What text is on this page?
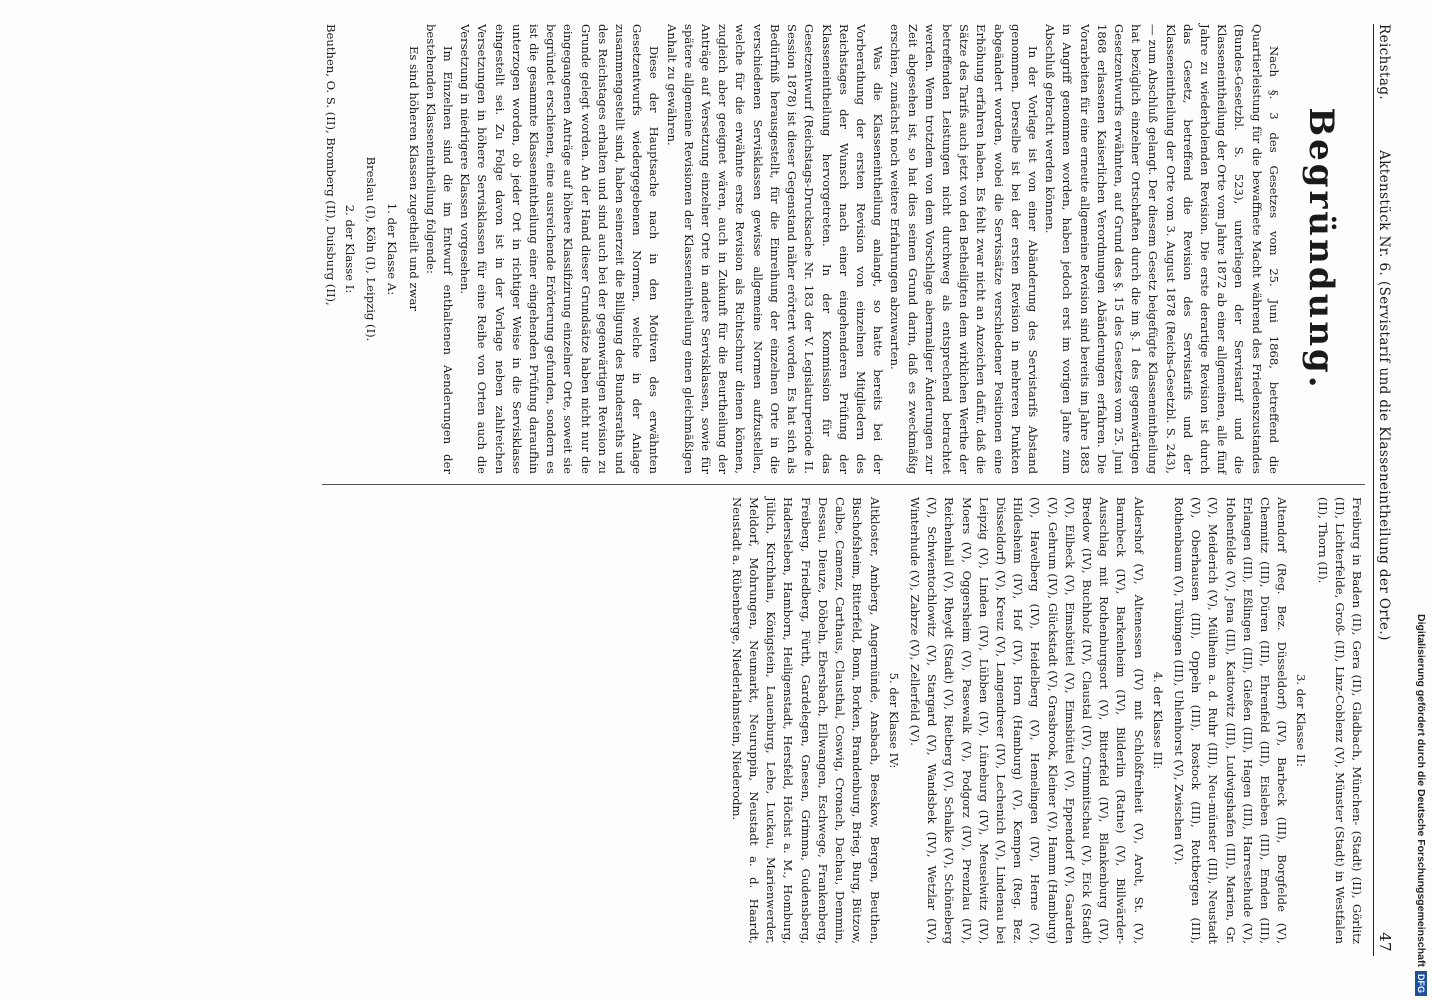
Reichstag.
Aktenstück Nr. 6. (Servistarif und die Klasseneintheilung der Orte.)
47
Begründung.

Nach §. 3 des Gesetzes vom 25. Juni 1868, betreffend die Quartierleistung für die bewaffnete Macht während des Friedenszustandes (Bundes-Gesetzbl. S. 523), unterliegen der Servistarif und die Klasseneintheilung der Orte vom Jahre 1872 ab einer allgemeinen, alle fünf Jahre zu wiederholenden Revision. Die erste derartige Revision ist durch das Gesetz, betreffend die Revision des Servistarifs und der Klasseneintheilung der Orte vom 3. August 1878 (Reichs-Gesetzbl. S. 243), — zum Abschluß gelangt. Der diesem Gesetz beigefügte Klasseneintheilung hat bezüglich einzelner Ortschaften durch die im §. 1 des gegenwärtigen Gesetzentwurfs erwähnten, auf Grund des §. 15 des Gesetzes vom 25. Juni 1868 erlassenen Kaiserlichen Verordnungen Abänderungen erfahren. Die Vorarbeiten für eine erneute allgemeine Revision sind bereits im Jahre 1883 in Angriff genommen worden, haben jedoch erst im vorigen Jahre zum Abschluß gebracht werden können.

In der Vorlage ist von einer Abänderung des Servistarifs Abstand genommen. Derselbe ist bei der ersten Revision in mehreren Punkten abgeändert worden, wobei die Servissätze verschiedener Positionen eine Erhöhung erfahren haben. Es fehlt zwar nicht an Anzeichen dafür, daß die Sätze des Tarifs auch jetzt von den Betheiligten dem wirklichen Werthe der betreffenden Leistungen nicht durchweg als entsprechend betrachtet werden. Wenn trotzdem von dem Vorschlage abermaliger Änderungen zur Zeit abgesehen ist, so hat dies seinen Grund darin, daß es zweckmäßig erschien, zunächst noch weitere Erfahrungen abzuwarten.

Was die Klasseneintheilung anlangt, so hatte bereits bei der Vorberathung der ersten Revision von einzelnen Mitgliedern des Reichstages der Wunsch nach einer eingehenderen Prüfung der Klasseneintheilung hervorgetreten. In der Kommission für das Gesetzentwurf (Reichstags-Drucksache Nr. 183 der V. Legislaturperiode II. Session 1878) ist dieser Gegenstand näher erörtert worden. Es hat sich als Bedürfniß herausgestellt, für die Einreihung der einzelnen Orte in die verschiedenen Servisklassen gewisse allgemeine Normen aufzustellen, welche für die erwähnte erste Revision als Richtschnur dienen können, zugleich aber geeignet wären, auch in Zukunft für die Beurtheilung der Anträge auf Versetzung einzelner Orte in andere Servisklassen, sowie für spätere allgemeine Revisionen der Klasseneintheilung einen gleichmäßigen Anhalt zu gewähren.

Diese der Hauptsache nach in den Motiven des erwähnten Gesetzentwurfs wiedergegebenen Normen, welche in der Anlage zusammengestellt sind, haben seinerzeit die Billigung des Bundesraths und des Reichstages erhalten und sind auch bei der gegenwärtigen Revision zu Grunde gelegt worden. An der Hand dieser Grundsätze haben nicht nur die eingegangenen Anträge auf höhere Klassifizirung einzelner Orte, soweit sie begründet erschienen, eine ausreichende Erörterung gefunden, sondern es ist die gesammte Klasseneintheilung einer eingehenden Prüfung daraufhin unterzogen worden, ob jeder Ort in richtiger Weise in die Servisklasse eingestellt sei. Zu Folge davon ist in der Vorlage neben zahlreichen Versetzungen in höhere Servisklassen für eine Reihe von Orten auch die Versetzung in niedrigere Klassen vorgesehen.

Im Einzelnen sind die im Entwurf enthaltenen Aenderungen der bestehenden Klasseneintheilung folgende:

Es sind höheren Klassen zugetheilt und zwar

1. der Klasse A:

Breslau (I), Köln (I), Leipzig (I).

2. der Klasse I:

Beuthen, O. S. (II), Bromberg (II), Duisburg (II),

Freiburg in Baden (II), Gera (II), Gladbach, München- (Stadt) (II), Görlitz (II), Lichterfelde, Groß- (II), Linz-Coblenz (V), Münster (Stadt) in Westfalen (II), Thorn (II).

3. der Klasse II:

Altendorf (Reg. Bez. Düsseldorf) (IV), Barbeck (III), Borgfelde (V), Chemnitz (III), Düren (III), Ehrenfeld (III), Eisleben (III), Emden (III), Erlangen (III), Eßlingen (III), Gießen (III), Hagen (III), Harrestehude (V), Hohenfelde (V), Jena (III), Kattowitz (III), Ludwigshafen (III), Marien, Gr. (V), Meiderich (V), Mülheim a. d. Ruhr (III), Neu-münster (III), Neustadt (V), Oberhausen (III), Oppeln (III), Rostock (III), Rottbergen (III), Rothenbaum (V), Tübingen (III), Uhlenhorst (V), Zwischen (V).

4. der Klasse III:

Aldershof (V), Altenessen (IV) mit Schloßfreiheit (V), Arolt, St. (V), Barmbeck (IV), Barkenheim (IV), Bilderlin (Ratne) (V), Billwärder-Ausschlag mit Rothenburgsort (V), Bitterfeld (IV), Blankenburg (IV), Bredow (IV), Buchholz (IV), Claustal (IV), Crimmitschau (V), Eick (Stadt) (V), Eilbeck (V), Eimsbüttel (V), Eimsbüttel (V), Eppendorf (V), Gaarden (V), Gehrum (IV), Glückstadt (V), Grasbrook, Kleiner (V), Hamm (Hamburg) (V), Havelberg (IV), Heidelberg (V), Hemelingen (IV), Herne (V), Hildesheim (IV), Hof (IV), Horn (Hamburg) (V), Kempen (Reg. Bez. Düsseldorf) (V), Kreuz (V), Langendreer (IV), Lechenich (V), Lindenau bei Leipzig (V), Linden (IV), Lübben (IV), Lüneburg (IV), Meuselwitz (IV), Moers (V), Oggersheim (V), Pasewalk (V), Podgorz (IV), Prenzlau (IV), Reichenhall (V), Rheydt (Stadt) (V), Rietberg (V), Schalke (V), Schöneberg (V), Schwientochlowitz (V), Stargard (V), Wandsbek (IV), Wetzlar (IV), Winterhude (V), Zabrze (V), Zellerfeld (V).

5. der Klasse IV:

Altkloster, Amberg, Angermünde, Ansbach, Beeskow, Bergen, Beuthen, Bischofsheim, Bitterfeld, Bonn, Borken, Brandenburg, Brieg, Burg, Bützow, Calbe, Camenz, Carthaus, Clausthal, Coswig, Cronach, Dachau, Demmin, Dessau, Dieuze, Döbeln, Ebersbach, Ellwangen, Eschwege, Frankenberg, Freiberg, Friedberg, Fürth, Gardelegen, Gnesen, Grimma, Gudensberg, Hadersleben, Hamborn, Heiligenstadt, Hersfeld, Höchst a. M., Homburg, Jülich, Kirchhain, Königstein, Lauenburg, Lehe, Luckau, Marienwerder, Meldorf, Mohrungen, Neumarkt, Neuruppin, Neustadt a. d. Haardt, Neustadt a. Rübenberge, Niederlahnstein, Niederodm.	Digitalisierung gefördert durch die Deutsche Forschungsgemeinschaft
DFG
